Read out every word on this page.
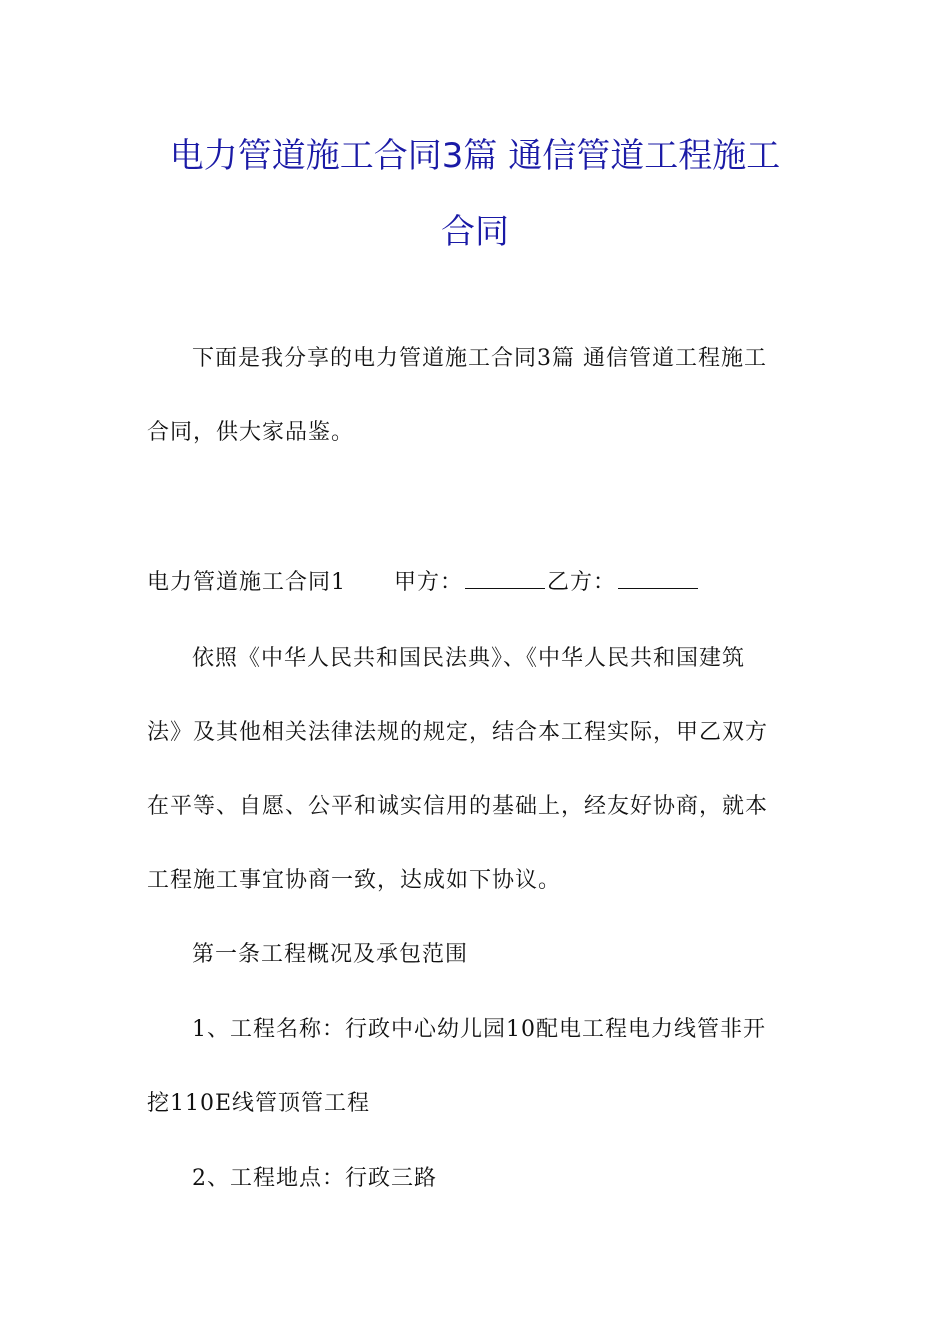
电力管道施工合同3篇 通信管道工程施工
合同
下面是我分享的电力管道施工合同3篇 通信管道工程施工
合同，供大家品鉴。
电力管道施工合同1 甲方：	乙方：
依照《中华人民共和国民法典》、《中华人民共和国建筑
法》及其他相关法律法规的规定，结合本工程实际，甲乙双方
在平等、自愿、公平和诚实信用的基础上，经友好协商，就本
工程施工事宜协商一致，达成如下协议。
第一条工程概况及承包范围
1、工程名称：行政中心幼儿园10配电工程电力线管非开
挖110E线管顶管工程
2、工程地点：行政三路
